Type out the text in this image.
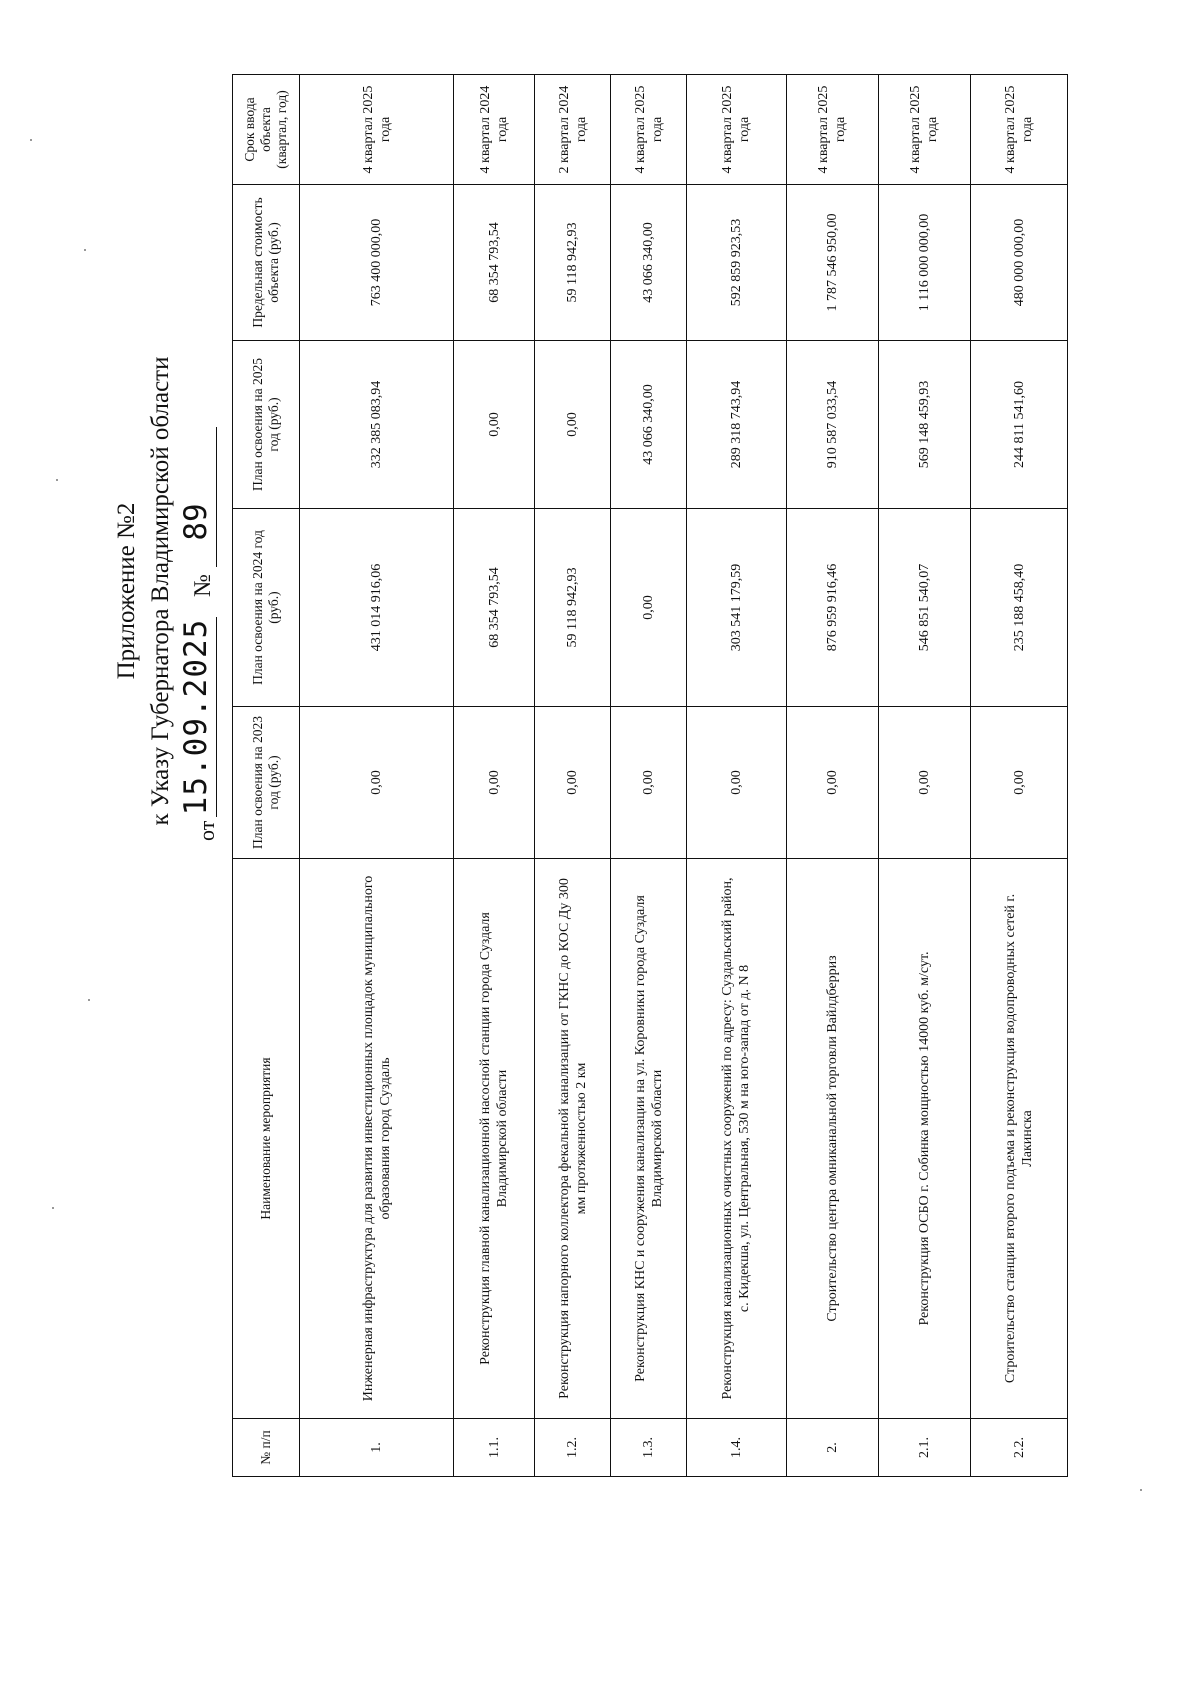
Приложение №2 к Указу Губернатора Владимирской области
от
15.09.2025
№
89
№ п/п	Наименование мероприятия	План освоения на 2023 год (руб.)	План освоения на 2024 год (руб.)	План освоения на 2025 год (руб.)	Предельная стоимость объекта (руб.)	Срок ввода объекта (квартал, год)
1.	Инженерная инфраструктура для развития инвестиционных площадок муниципального образования город Суздаль	0,00	431 014 916,06	332 385 083,94	763 400 000,00	4 квартал 2025 года
1.1.	Реконструкция главной канализационной насосной станции города Суздаля Владимирской области	0,00	68 354 793,54	0,00	68 354 793,54	4 квартал 2024 года
1.2.	Реконструкция напорного коллектора фекальной канализации от ГКНС до КОС Ду 300 мм протяженностью 2 км	0,00	59 118 942,93	0,00	59 118 942,93	2 квартал 2024 года
1.3.	Реконструкция КНС и сооружения канализации на ул. Коровники города Суздаля Владимирской области	0,00	0,00	43 066 340,00	43 066 340,00	4 квартал 2025 года
1.4.	Реконструкция канализационных очистных сооружений по адресу: Суздальский район, с. Кидекша, ул. Центральная, 530 м на юго-запад от д. N 8	0,00	303 541 179,59	289 318 743,94	592 859 923,53	4 квартал 2025 года
2.	Строительство центра омниканальной торговли Вайлдберриз	0,00	876 959 916,46	910 587 033,54	1 787 546 950,00	4 квартал 2025 года
2.1.	Реконструкция ОСБО г. Собинка мощностью 14000 куб. м/сут.	0,00	546 851 540,07	569 148 459,93	1 116 000 000,00	4 квартал 2025 года
2.2.	Строительство станции второго подъема и реконструкция водопроводных сетей г. Лакинска	0,00	235 188 458,40	244 811 541,60	480 000 000,00	4 квартал 2025 года
